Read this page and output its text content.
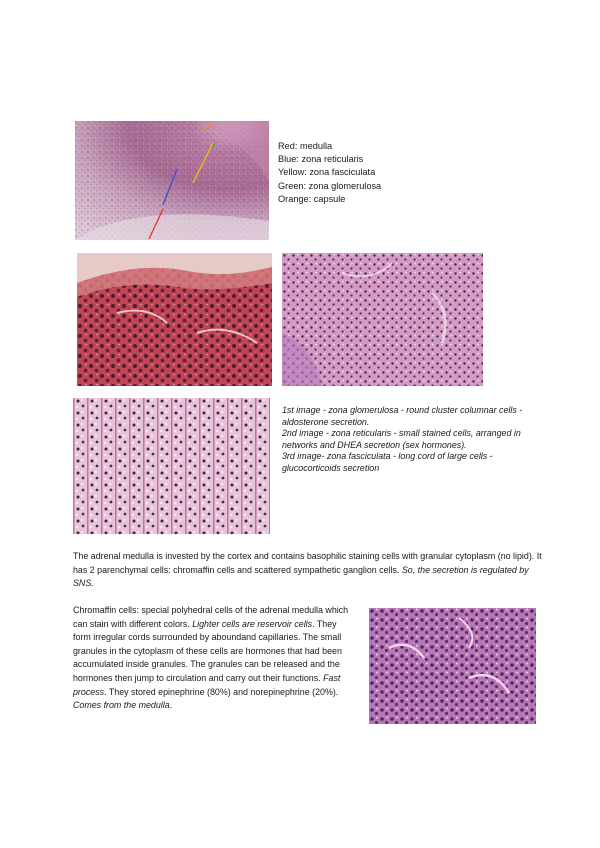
Red: medulla
Blue: zona reticularis
Yellow: zona fasciculata
Green: zona glomerulosa
Orange: capsule

1st image - zona glomerulosa - round cluster columnar cells - aldosterone secretion.

2nd image - zona reticularis - small stained cells, arranged in networks and DHEA secretion (sex hormones).

3rd image- zona fasciculata - long cord of large cells - glucocorticoids secretion

The adrenal medulla is invested by the cortex and contains basophilic staining cells with granular cytoplasm (no lipid). It has 2 parenchymal cells: chromaffin cells and scattered sympathetic ganglion cells. So, the secretion is regulated by SNS.

Chromaffin cells: special polyhedral cells of the adrenal medulla which can stain with different colors. Lighter cells are reservoir cells. They form irregular cords surrounded by aboundand capillaries. The small granules in the cytoplasm of these cells are hormones that had been accumulated inside granules. The granules can be released and the hormones then jump to circulation and carry out their functions. Fast process. They stored epinephrine (80%) and norepinephrine (20%). Comes from the medulla.
